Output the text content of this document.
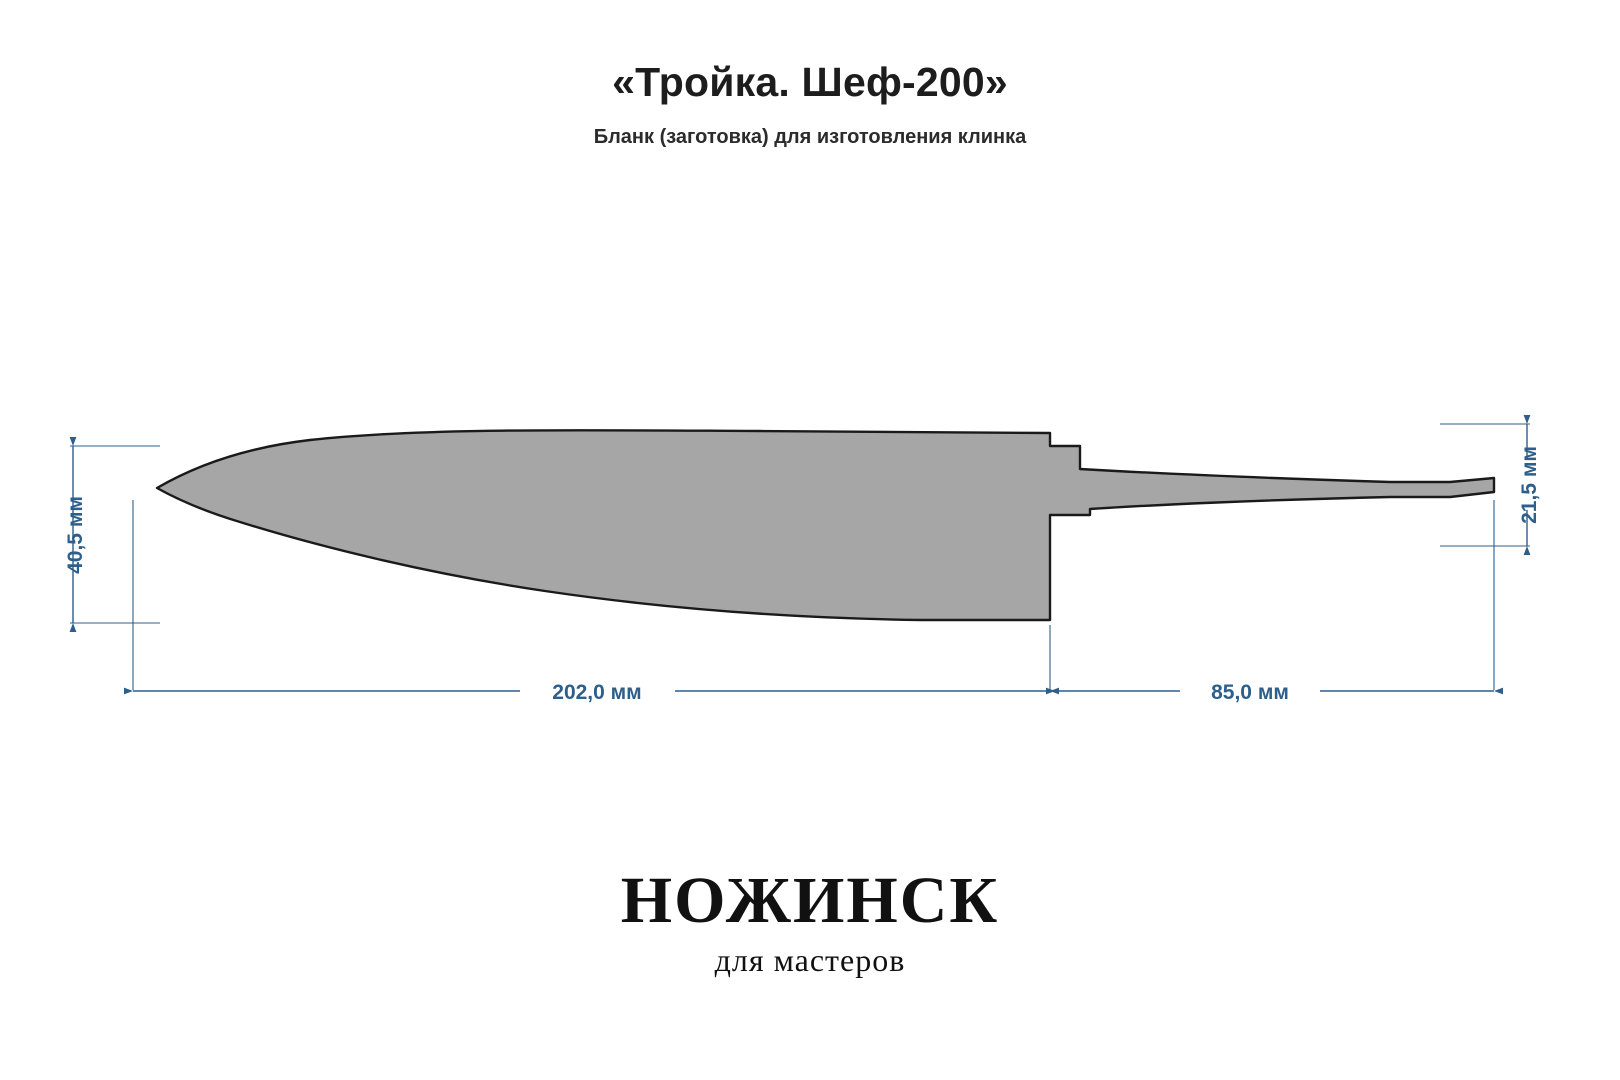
«Тройка. Шеф-200»

Бланк (заготовка) для изготовления клинка

40,5 мм
202,0 мм	85,0 мм
21,5 мм

НОЖИНСК

для мастеров
